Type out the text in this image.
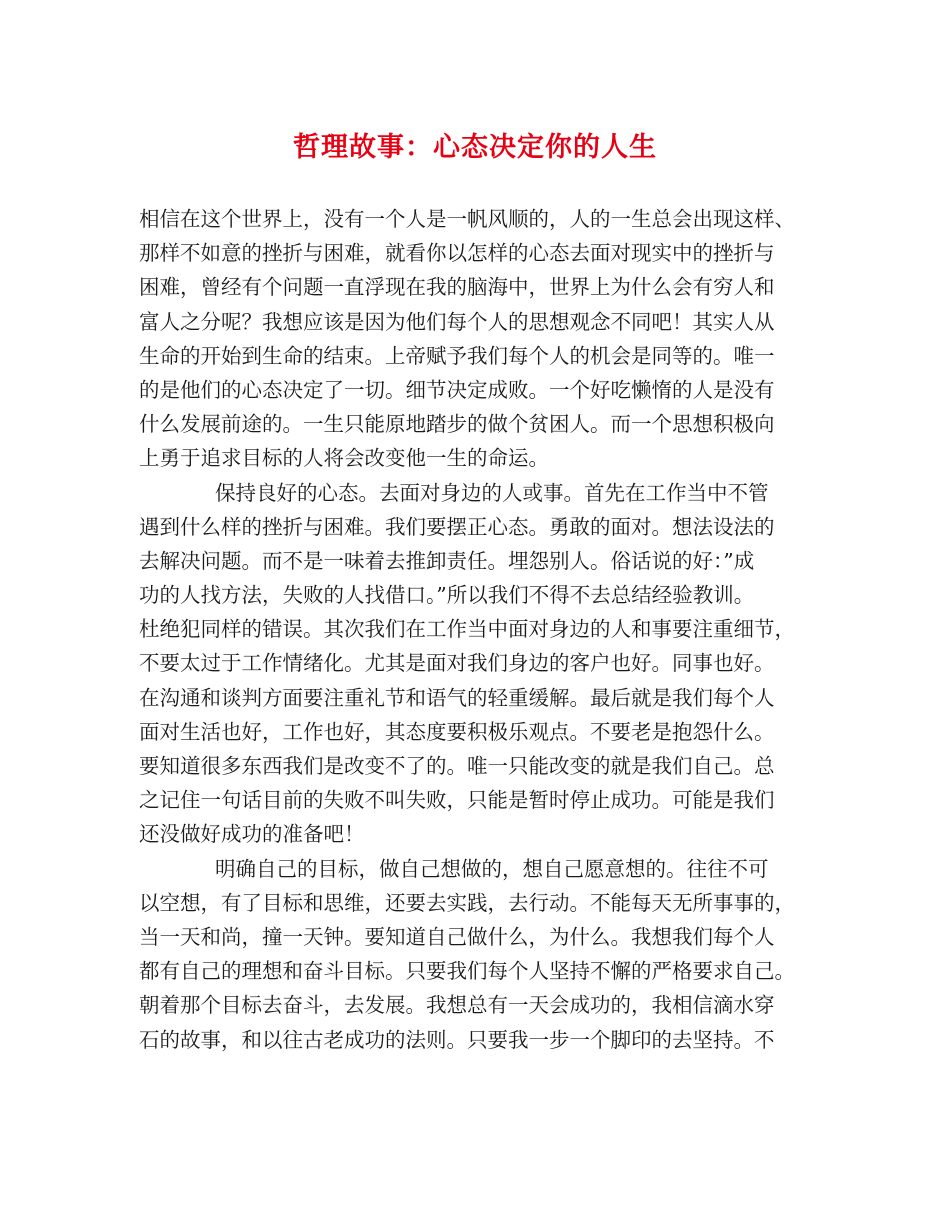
哲理故事：心态决定你的人生
相信在这个世界上，没有一个人是一帆风顺的，人的一生总会出现这样、
那样不如意的挫折与困难，就看你以怎样的心态去面对现实中的挫折与
困难，曾经有个问题一直浮现在我的脑海中，世界上为什么会有穷人和
富人之分呢？我想应该是因为他们每个人的思想观念不同吧！其实人从
生命的开始到生命的结束。上帝赋予我们每个人的机会是同等的。唯一
的是他们的心态决定了一切。细节决定成败。一个好吃懒惰的人是没有
什么发展前途的。一生只能原地踏步的做个贫困人。而一个思想积极向
上勇于追求目标的人将会改变他一生的命运。
保持良好的心态。去面对身边的人或事。首先在工作当中不管
遇到什么样的挫折与困难。我们要摆正心态。勇敢的面对。想法设法的
去解决问题。而不是一味着去推卸责任。埋怨别人。俗话说的好：”成
功的人找方法，失败的人找借口。”所以我们不得不去总结经验教训。
杜绝犯同样的错误。其次我们在工作当中面对身边的人和事要注重细节，
不要太过于工作情绪化。尤其是面对我们身边的客户也好。同事也好。
在沟通和谈判方面要注重礼节和语气的轻重缓解。最后就是我们每个人
面对生活也好，工作也好，其态度要积极乐观点。不要老是抱怨什么。
要知道很多东西我们是改变不了的。唯一只能改变的就是我们自己。总
之记住一句话目前的失败不叫失败，只能是暂时停止成功。可能是我们
还没做好成功的准备吧！
明确自己的目标，做自己想做的，想自己愿意想的。往往不可
以空想，有了目标和思维，还要去实践，去行动。不能每天无所事事的，
当一天和尚，撞一天钟。要知道自己做什么，为什么。我想我们每个人
都有自己的理想和奋斗目标。只要我们每个人坚持不懈的严格要求自己。
朝着那个目标去奋斗，去发展。我想总有一天会成功的，我相信滴水穿
石的故事，和以往古老成功的法则。只要我一步一个脚印的去坚持。不
